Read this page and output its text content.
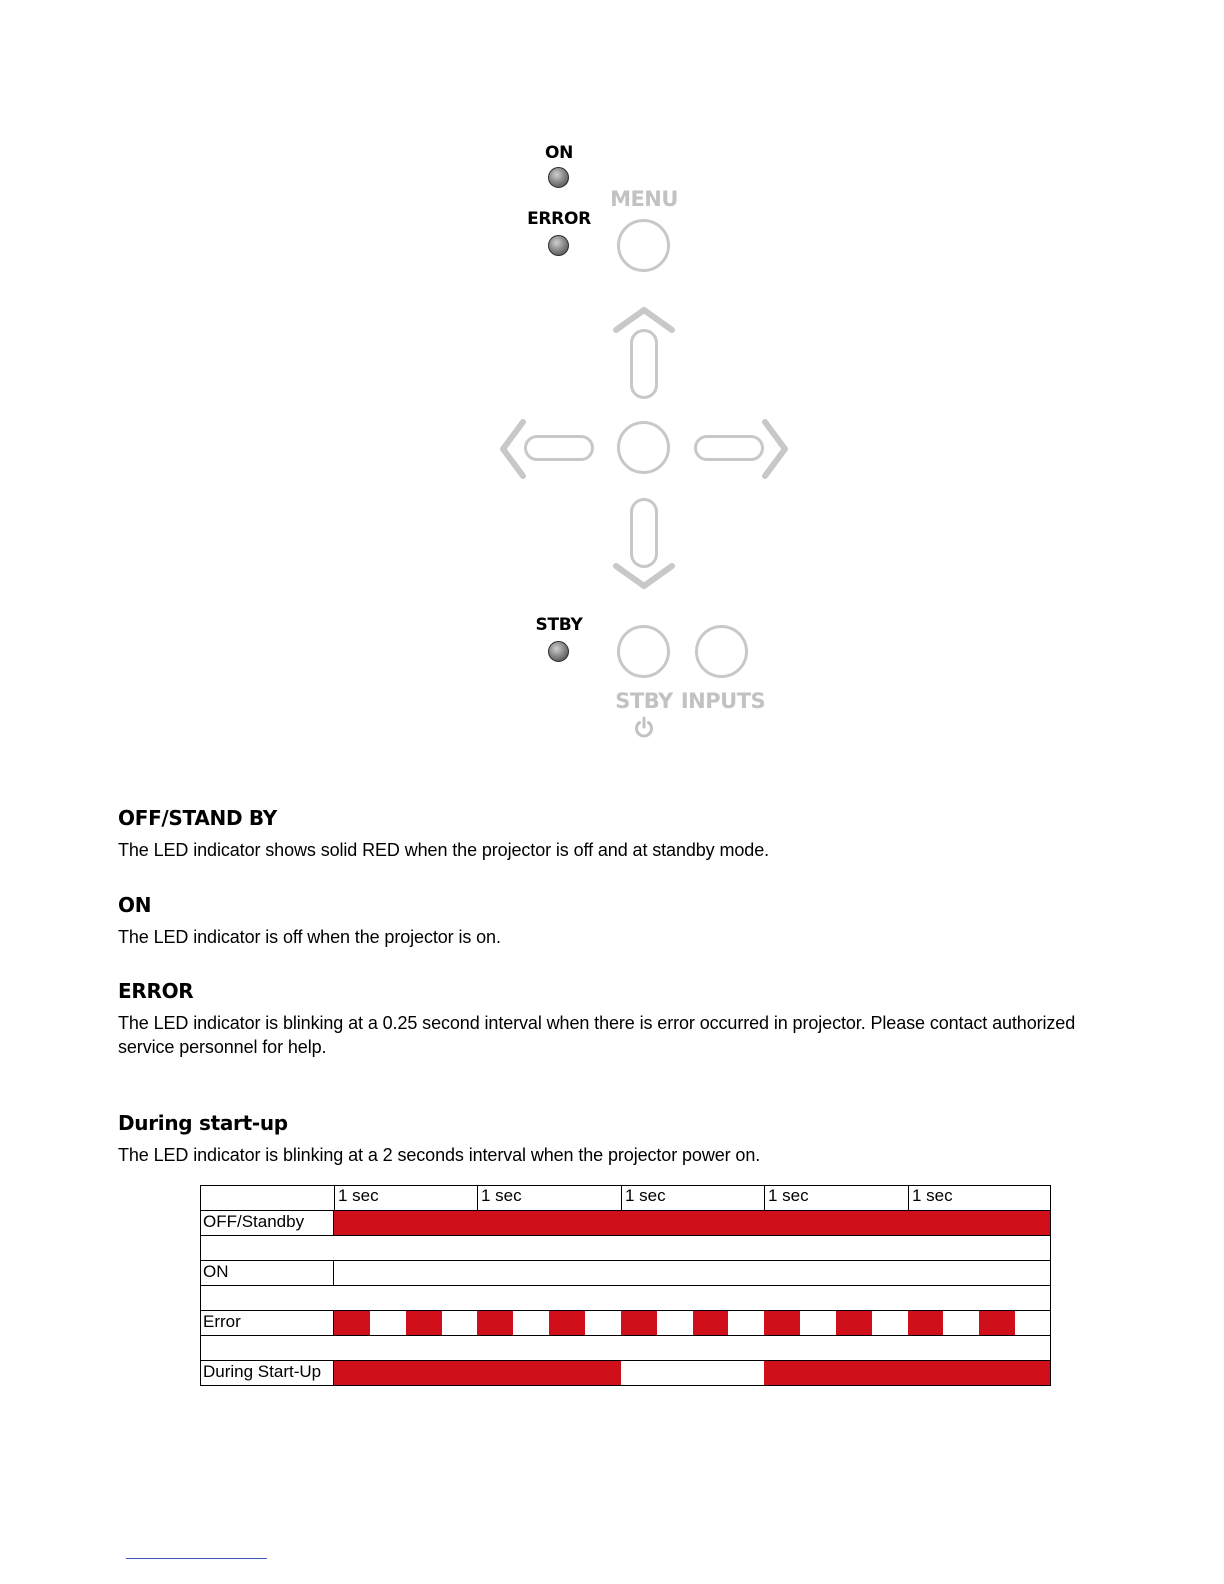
ON
ERROR
MENU
STBY
STBY INPUTS
OFF/STAND BY
The LED indicator shows solid RED when the projector is off and at standby mode.
ON
The LED indicator is off when the projector is on.
ERROR
The LED indicator is blinking at a 0.25 second interval when there is error occurred in projector. Please contact authorized service personnel for help.
During start-up
The LED indicator is blinking at a 2 seconds interval when the projector power on.
1 sec	1 sec	1 sec	1 sec	1 sec
OFF/Standby
ON
Error
During Start-Up
